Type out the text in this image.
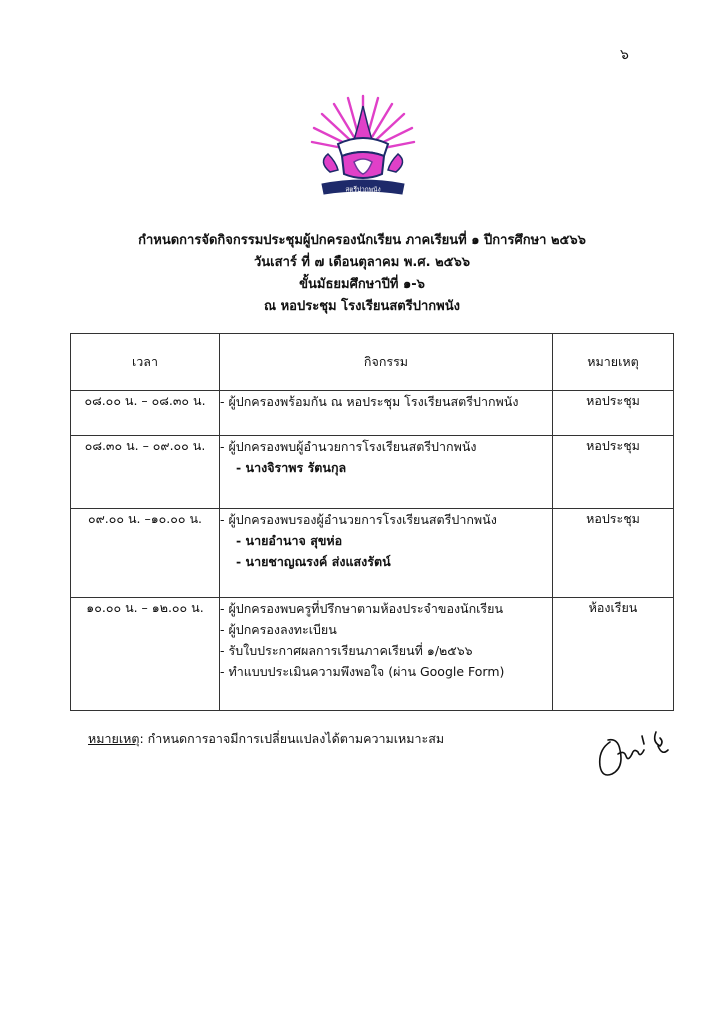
๖
สตรีปากพนัง
กำหนดการจัดกิจกรรมประชุมผู้ปกครองนักเรียน ภาคเรียนที่ ๑ ปีการศึกษา ๒๕๖๖
วันเสาร์ ที่ ๗ เดือนตุลาคม พ.ศ. ๒๕๖๖
ขั้นมัธยมศึกษาปีที่ ๑-๖
ณ หอประชุม โรงเรียนสตรีปากพนัง
เวลา	กิจกรรม	หมายเหตุ
๐๘.๐๐ น. – ๐๘.๓๐ น.	- ผู้ปกครองพร้อมกัน ณ หอประชุม โรงเรียนสตรีปากพนัง	หอประชุม
๐๘.๓๐ น. – ๐๙.๐๐ น.	- ผู้ปกครองพบผู้อำนวยการโรงเรียนสตรีปากพนัง
- นางจิราพร รัตนกุล	หอประชุม
๐๙.๐๐ น. –๑๐.๐๐ น.	- ผู้ปกครองพบรองผู้อำนวยการโรงเรียนสตรีปากพนัง
- นายอำนาจ สุขห่อ
- นายชาญณรงค์ ส่งแสงรัตน์	หอประชุม
๑๐.๐๐ น. – ๑๒.๐๐ น.	- ผู้ปกครองพบครูที่ปรึกษาตามห้องประจำของนักเรียน
- ผู้ปกครองลงทะเบียน
- รับใบประกาศผลการเรียนภาคเรียนที่ ๑/๒๕๖๖
- ทำแบบประเมินความพึงพอใจ (ผ่าน Google Form)	ห้องเรียน
หมายเหตุ: กำหนดการอาจมีการเปลี่ยนแปลงได้ตามความเหมาะสม
